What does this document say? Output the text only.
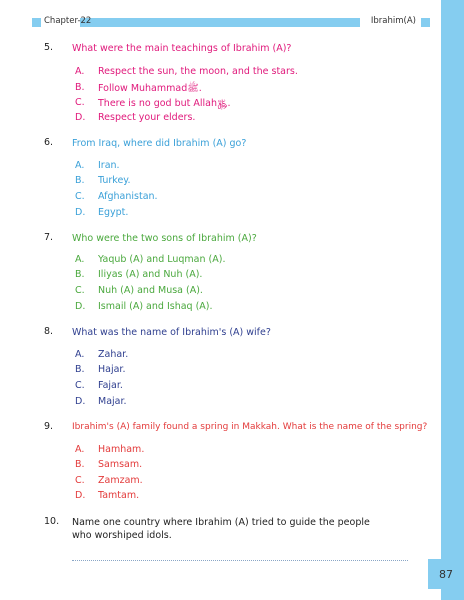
Chapter-22	Ibrahim(A)
5. What were the main teachings of Ibrahim (A)?
A. Respect the sun, the moon, and the stars.
B. Follow Muhammadﷺ.
C. There is no god but Allah﷿.
D. Respect your elders.
6. From Iraq, where did Ibrahim (A) go?
A. Iran.
B. Turkey.
C. Afghanistan.
D. Egypt.
7. Who were the two sons of Ibrahim (A)?
A. Yaqub (A) and Luqman (A).
B. Iliyas (A) and Nuh (A).
C. Nuh (A) and Musa (A).
D. Ismail (A) and Ishaq (A).
8. What was the name of Ibrahim's (A) wife?
A. Zahar.
B. Hajar.
C. Fajar.
D. Majar.
9. Ibrahim's (A) family found a spring in Makkah. What is the name of the spring?
A. Hamham.
B. Samsam.
C. Zamzam.
D. Tamtam.
10. Name one country where Ibrahim (A) tried to guide the people who worshiped idols.
87
